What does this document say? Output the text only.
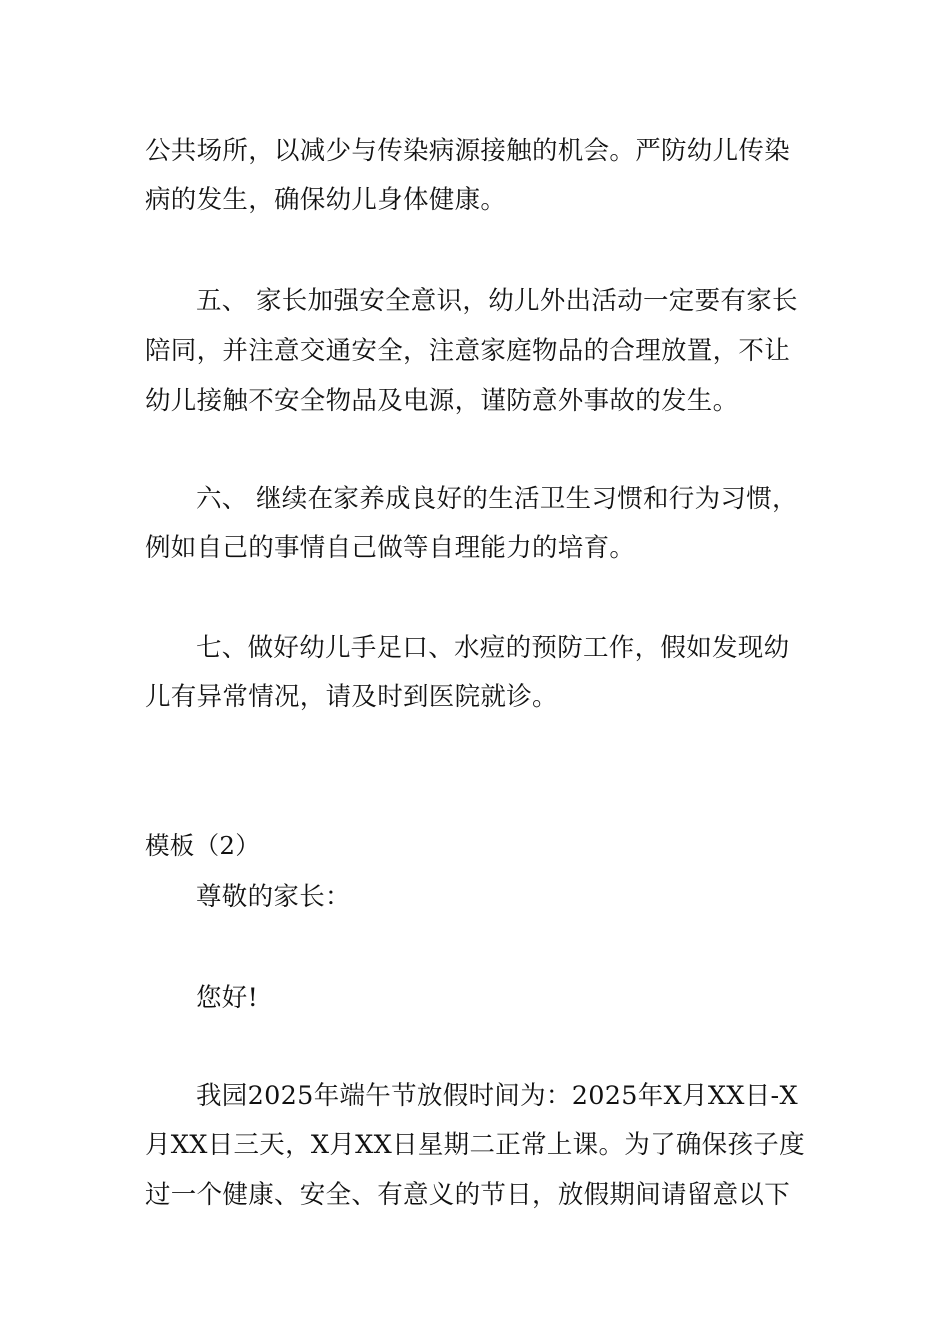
公共场所，以减少与传染病源接触的机会。严防幼儿传染
病的发生，确保幼儿身体健康。
五、 家长加强安全意识，幼儿外出活动一定要有家长
陪同，并注意交通安全，注意家庭物品的合理放置，不让
幼儿接触不安全物品及电源，谨防意外事故的发生。
六、 继续在家养成良好的生活卫生习惯和行为习惯，
例如自己的事情自己做等自理能力的培育。
七、做好幼儿手足口、水痘的预防工作，假如发现幼
儿有异常情况，请及时到医院就诊。
模板（2）
尊敬的家长：
您好!
我园2025年端午节放假时间为：2025年X月XX日-X
月XX日三天，X月XX日星期二正常上课。为了确保孩子度
过一个健康、安全、有意义的节日，放假期间请留意以下
